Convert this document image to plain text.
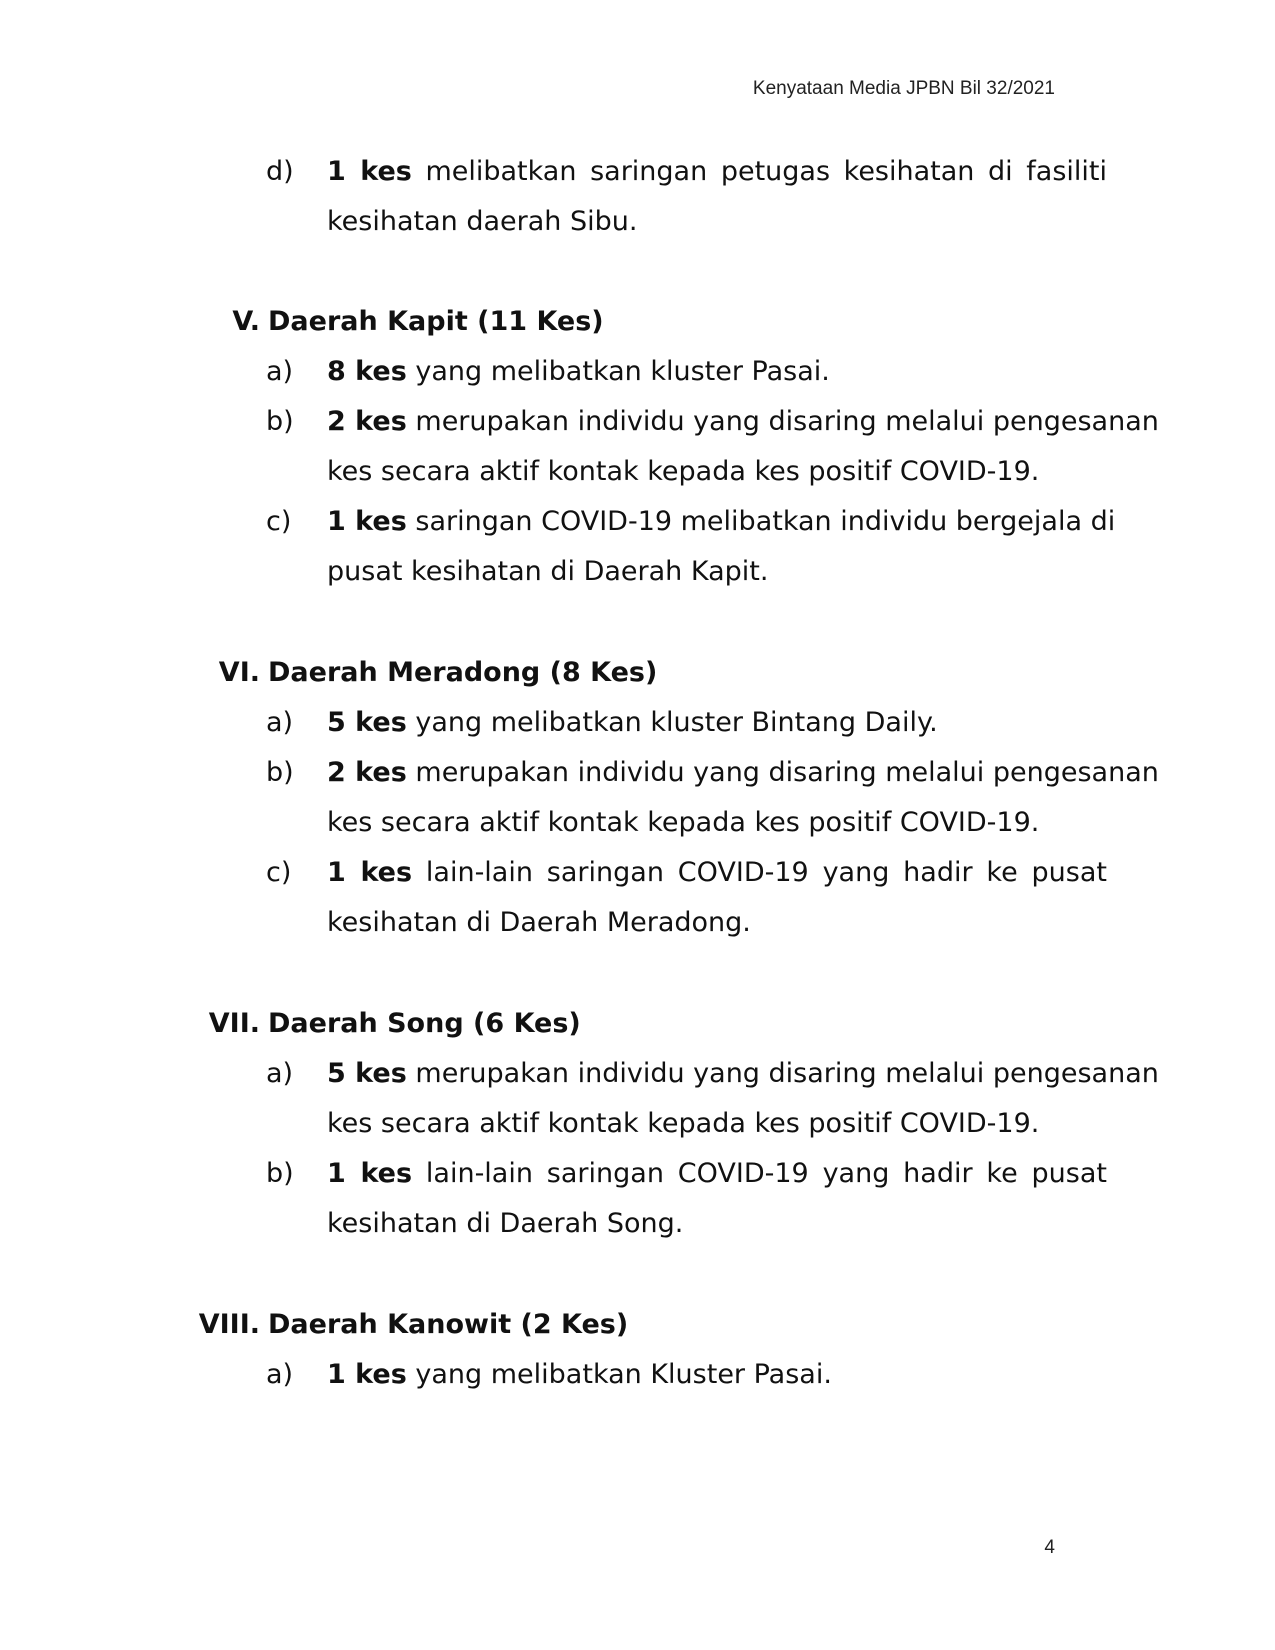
Kenyataan Media JPBN Bil 32/2021
d) 1 kes melibatkan saringan petugas kesihatan di fasiliti
kesihatan daerah Sibu.
V. Daerah Kapit (11 Kes)
a) 8 kes yang melibatkan kluster Pasai.
b) 2 kes merupakan individu yang disaring melalui pengesanan
kes secara aktif kontak kepada kes positif COVID-19.
c) 1 kes saringan COVID-19 melibatkan individu bergejala di
pusat kesihatan di Daerah Kapit.
VI. Daerah Meradong (8 Kes)
a) 5 kes yang melibatkan kluster Bintang Daily.
b) 2 kes merupakan individu yang disaring melalui pengesanan
kes secara aktif kontak kepada kes positif COVID-19.
c) 1 kes lain-lain saringan COVID-19 yang hadir ke pusat
kesihatan di Daerah Meradong.
VII. Daerah Song (6 Kes)
a) 5 kes merupakan individu yang disaring melalui pengesanan
kes secara aktif kontak kepada kes positif COVID-19.
b) 1 kes lain-lain saringan COVID-19 yang hadir ke pusat
kesihatan di Daerah Song.
VIII. Daerah Kanowit (2 Kes)
a) 1 kes yang melibatkan Kluster Pasai.
4
